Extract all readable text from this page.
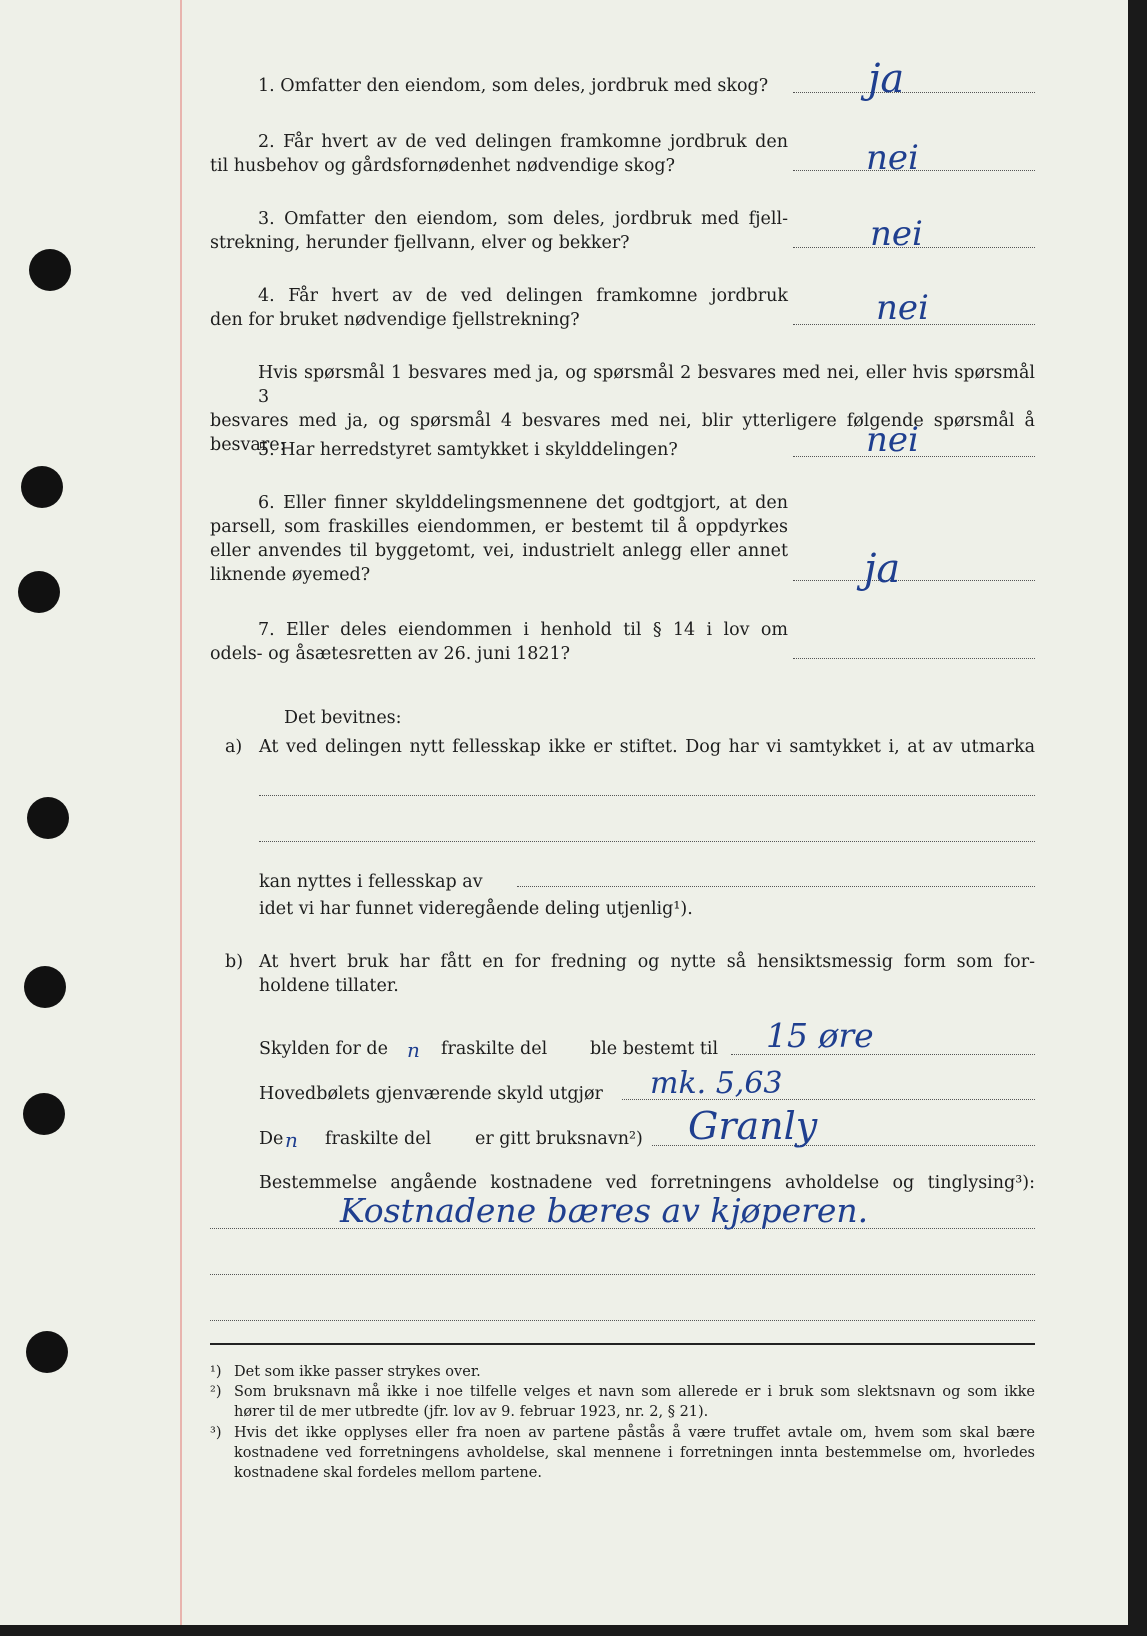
1. Omfatter den eiendom, som deles, jordbruk med skog? ja
2. Får hvert av de ved delingen framkomne jordbruk den
til husbehov og gårdsfornødenhet nødvendige skog?	nei
3. Omfatter den eiendom, som deles, jordbruk med fjell-
strekning, herunder fjellvann, elver og bekker?	nei
4. Får hvert av de ved delingen framkomne jordbruk
den for bruket nødvendige fjellstrekning?	nei
Hvis spørsmål 1 besvares med ja, og spørsmål 2 besvares med nei, eller hvis spørsmål 3
besvares med ja, og spørsmål 4 besvares med nei, blir ytterligere følgende spørsmål å besvare:
5. Har herredstyret samtykket i skylddelingen?	nei
6. Eller finner skylddelingsmennene det godtgjort, at den
parsell, som fraskilles eiendommen, er bestemt til å oppdyrkes
eller anvendes til byggetomt, vei, industrielt anlegg eller annet
liknende øyemed?	ja
7. Eller deles eiendommen i henhold til § 14 i lov om
odels- og åsætesretten av 26. juni 1821?
Det bevitnes:
a) At ved delingen nytt fellesskap ikke er stiftet. Dog har vi samtykket i, at av utmarka
kan nyttes i fellesskap av
idet vi har funnet videregående deling utjenlig¹).
b) At hvert bruk har fått en for fredning og nytte så hensiktsmessig form som for-
holdene tillater.
Skylden for de n fraskilte del ble bestemt til 15 øre
Hovedbølets gjenværende skyld utgjør mk. 5,63
De n fraskilte del	er gitt bruksnavn²) Granly
Bestemmelse angående kostnadene ved forretningens avholdelse og tinglysing³):
Kostnadene bæres av kjøperen.
¹) Det som ikke passer strykes over.
²) Som bruksnavn må ikke i noe tilfelle velges et navn som allerede er i bruk som slektsnavn og som ikke
hører til de mer utbredte (jfr. lov av 9. februar 1923, nr. 2, § 21).
³) Hvis det ikke opplyses eller fra noen av partene påstås å være truffet avtale om, hvem som skal bære
kostnadene ved forretningens avholdelse, skal mennene i forretningen innta bestemmelse om, hvorledes
kostnadene skal fordeles mellom partene.
